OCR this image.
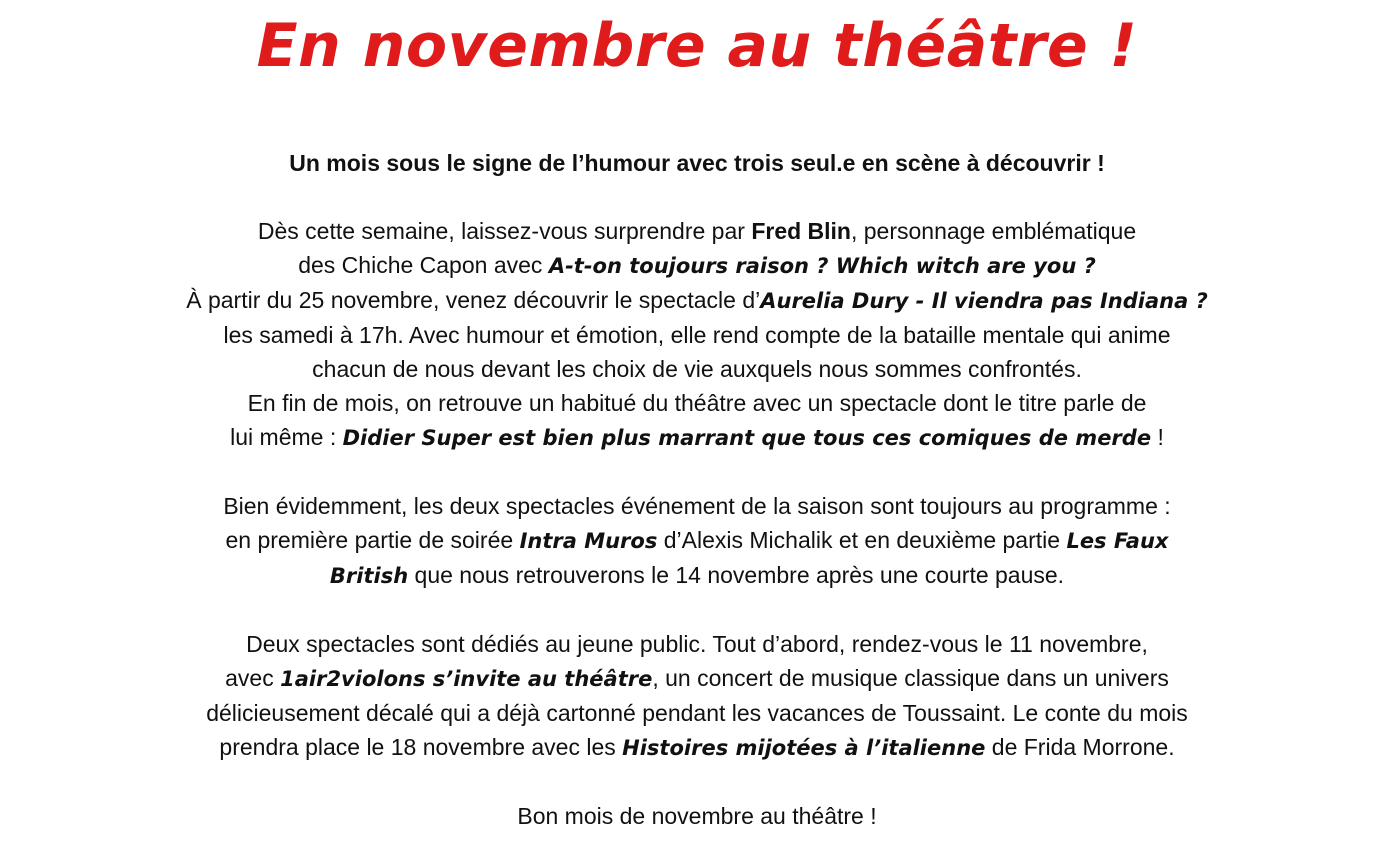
En novembre au théâtre !

Un mois sous le signe de l’humour avec trois seul.e en scène à découvrir !

Dès cette semaine, laissez-vous surprendre par Fred Blin, personnage emblématique
des Chiche Capon avec A-t-on toujours raison ? Which witch are you ?
À partir du 25 novembre, venez découvrir le spectacle d’Aurelia Dury - Il viendra pas Indiana ?
les samedi à 17h. Avec humour et émotion, elle rend compte de la bataille mentale qui anime
chacun de nous devant les choix de vie auxquels nous sommes confrontés.
En fin de mois, on retrouve un habitué du théâtre avec un spectacle dont le titre parle de
lui même : Didier Super est bien plus marrant que tous ces comiques de merde !

Bien évidemment, les deux spectacles événement de la saison sont toujours au programme :
en première partie de soirée Intra Muros d’Alexis Michalik et en deuxième partie Les Faux
British que nous retrouverons le 14 novembre après une courte pause.

Deux spectacles sont dédiés au jeune public. Tout d’abord, rendez-vous le 11 novembre,
avec 1air2violons s’invite au théâtre, un concert de musique classique dans un univers
délicieusement décalé qui a déjà cartonné pendant les vacances de Toussaint. Le conte du mois
prendra place le 18 novembre avec les Histoires mijotées à l’italienne de Frida Morrone.

Bon mois de novembre au théâtre !
